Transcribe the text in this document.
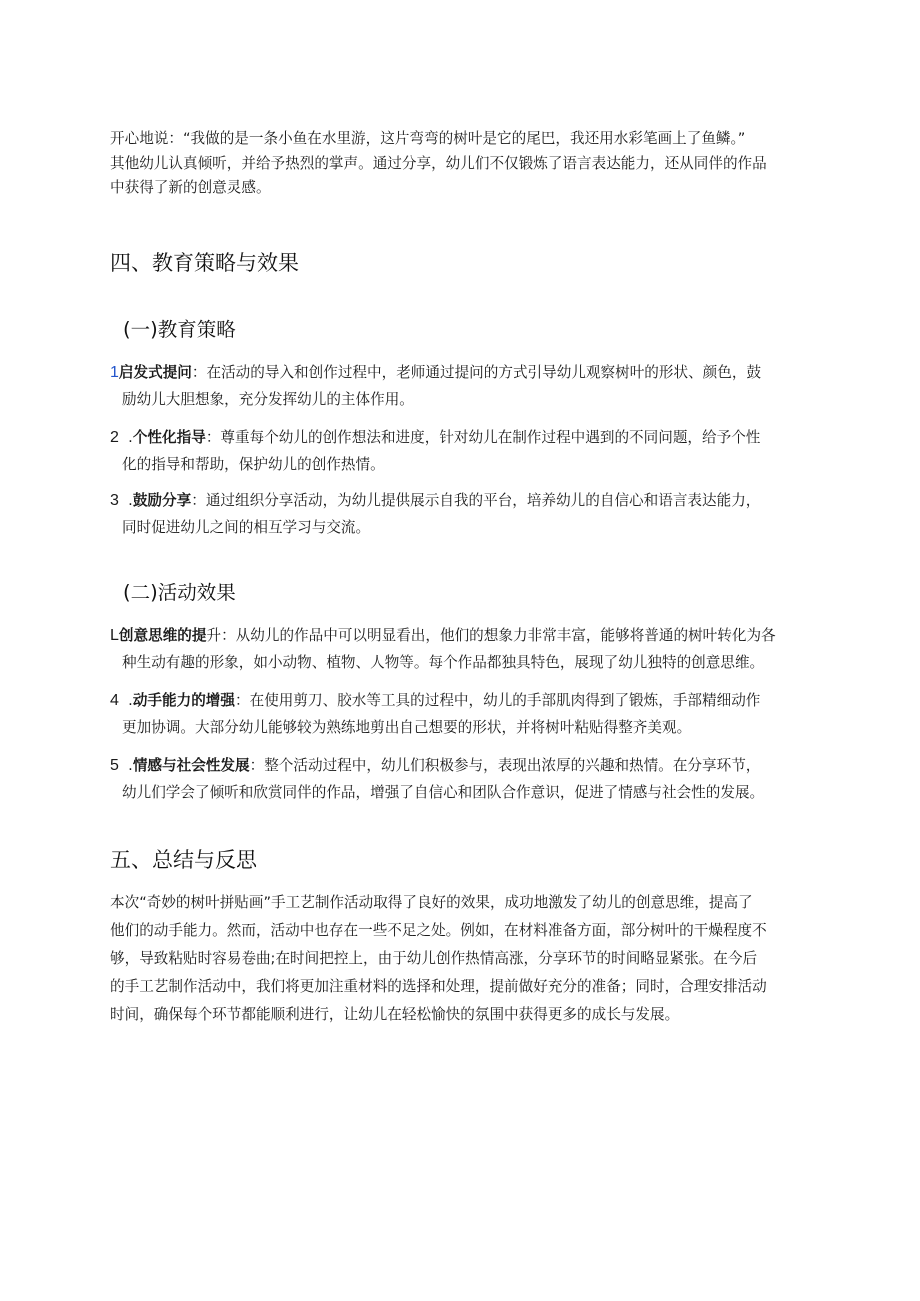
开心地说：“我做的是一条小鱼在水里游，这片弯弯的树叶是它的尾巴，我还用水彩笔画上了鱼鳞。”
其他幼儿认真倾听，并给予热烈的掌声。通过分享，幼儿们不仅锻炼了语言表达能力，还从同伴的作品
中获得了新的创意灵感。
四、教育策略与效果
(一)教育策略
1启发式提问：在活动的导入和创作过程中，老师通过提问的方式引导幼儿观察树叶的形状、颜色，鼓
励幼儿大胆想象，充分发挥幼儿的主体作用。
2  .个性化指导：尊重每个幼儿的创作想法和进度，针对幼儿在制作过程中遇到的不同问题，给予个性
化的指导和帮助，保护幼儿的创作热情。
3  .鼓励分享：通过组织分享活动，为幼儿提供展示自我的平台，培养幼儿的自信心和语言表达能力，
同时促进幼儿之间的相互学习与交流。
(二)活动效果
L创意思维的提升：从幼儿的作品中可以明显看出，他们的想象力非常丰富，能够将普通的树叶转化为各
种生动有趣的形象，如小动物、植物、人物等。每个作品都独具特色，展现了幼儿独特的创意思维。
4  .动手能力的增强：在使用剪刀、胶水等工具的过程中，幼儿的手部肌肉得到了锻炼，手部精细动作
更加协调。大部分幼儿能够较为熟练地剪出自己想要的形状，并将树叶粘贴得整齐美观。
5  .情感与社会性发展：整个活动过程中，幼儿们积极参与，表现出浓厚的兴趣和热情。在分享环节，
幼儿们学会了倾听和欣赏同伴的作品，增强了自信心和团队合作意识，促进了情感与社会性的发展。
五、总结与反思
本次“奇妙的树叶拼贴画”手工艺制作活动取得了良好的效果，成功地激发了幼儿的创意思维，提高了
他们的动手能力。然而，活动中也存在一些不足之处。例如，在材料准备方面，部分树叶的干燥程度不
够，导致粘贴时容易卷曲;在时间把控上，由于幼儿创作热情高涨，分享环节的时间略显紧张。在今后
的手工艺制作活动中，我们将更加注重材料的选择和处理，提前做好充分的准备；同时，合理安排活动
时间，确保每个环节都能顺利进行，让幼儿在轻松愉快的氛围中获得更多的成长与发展。
